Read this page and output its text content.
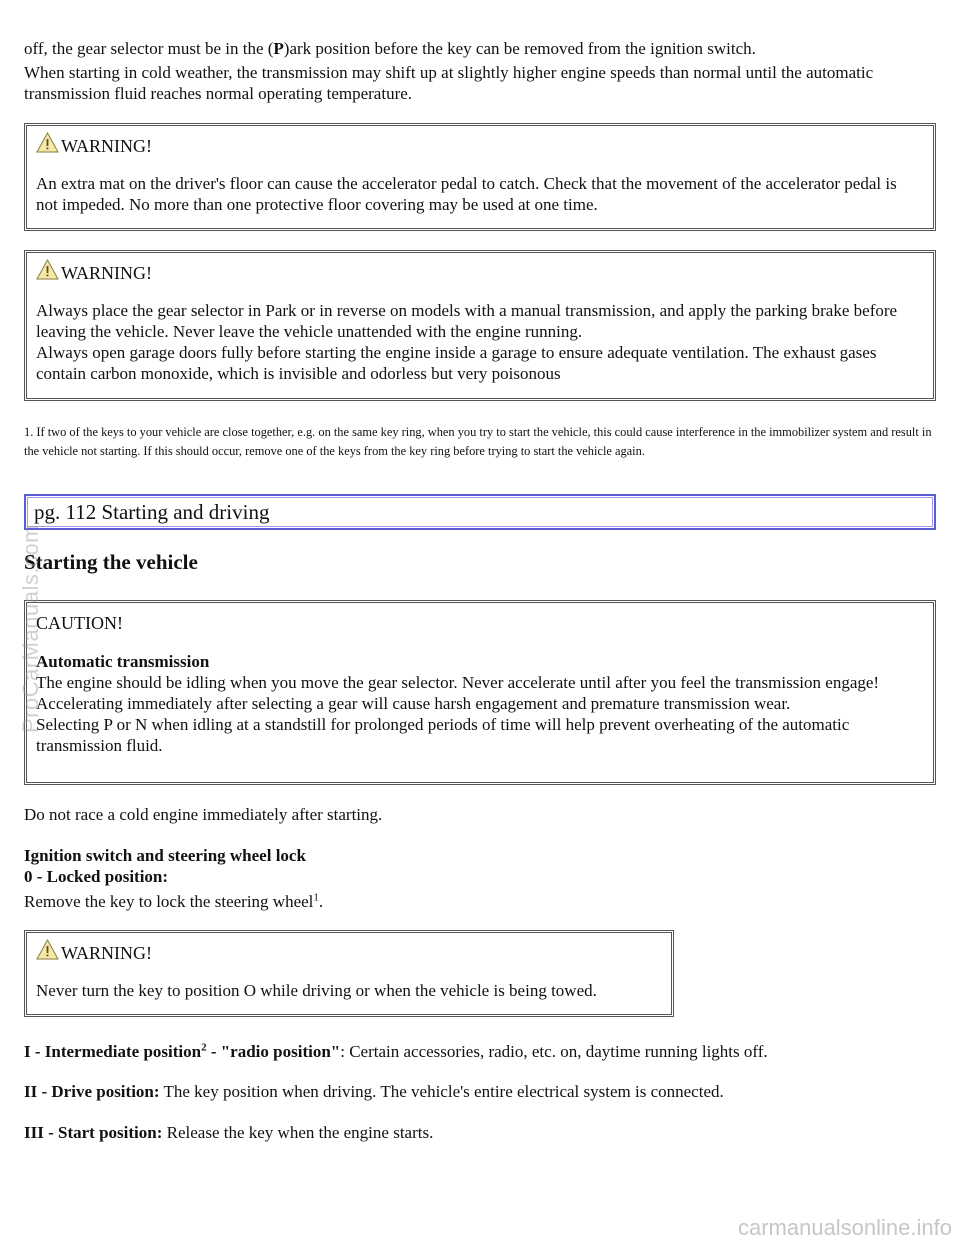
off, the gear selector must be in the (P)ark position before the key can be removed from the ignition switch.

When starting in cold weather, the transmission may shift up at slightly higher engine speeds than normal until the automatic transmission fluid reaches normal operating temperature.

WARNING!

An extra mat on the driver's floor can cause the accelerator pedal to catch. Check that the movement of the accelerator pedal is not impeded. No more than one protective floor covering may be used at one time.

WARNING!

Always place the gear selector in Park or in reverse on models with a manual transmission, and apply the parking brake before leaving the vehicle. Never leave the vehicle unattended with the engine running.

Always open garage doors fully before starting the engine inside a garage to ensure adequate ventilation. The exhaust gases contain carbon monoxide, which is invisible and odorless but very poisonous

1. If two of the keys to your vehicle are close together, e.g. on the same key ring, when you try to start the vehicle, this could cause interference in the immobilizer system and result in the vehicle not starting. If this should occur, remove one of the keys from the key ring before trying to start the vehicle again.

pg. 112 Starting and driving
Starting the vehicle
CAUTION!

Automatic transmission

The engine should be idling when you move the gear selector. Never accelerate until after you feel the transmission engage! Accelerating immediately after selecting a gear will cause harsh engagement and premature transmission wear.

Selecting P or N when idling at a standstill for prolonged periods of time will help prevent overheating of the automatic transmission fluid.

Do not race a cold engine immediately after starting.

Ignition switch and steering wheel lock

0 - Locked position:

Remove the key to lock the steering wheel$^1$.

WARNING!

Never turn the key to position O while driving or when the vehicle is being towed.

I - Intermediate position$^2$ - "radio position": Certain accessories, radio, etc. on, daytime running lights off.

II - Drive position: The key position when driving. The vehicle's entire electrical system is connected.

III - Start position: Release the key when the engine starts.

ProCarManuals.com
carmanualsonline.info
